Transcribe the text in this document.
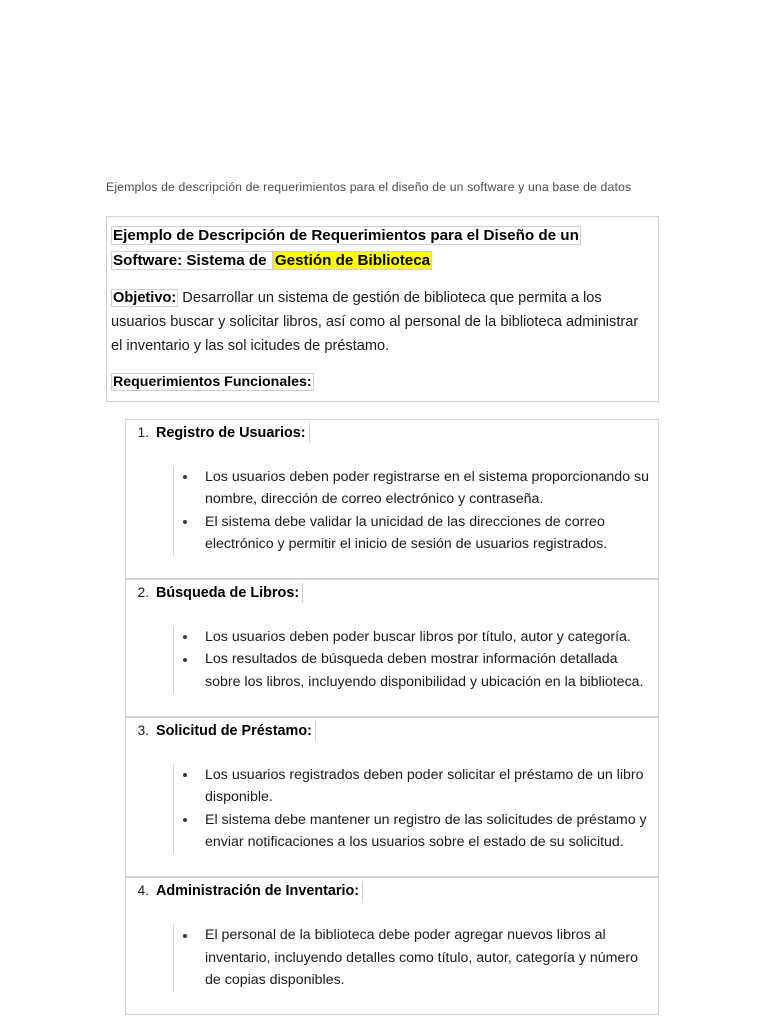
Ejemplos de descripción de requerimientos para el diseño de un software y una base de datos

Ejemplo de Descripción de Requerimientos para el Diseño de un Software: Sistema de Gestión de Biblioteca

Objetivo: Desarrollar un sistema de gestión de biblioteca que permita a los usuarios buscar y solicitar libros, así como al personal de la biblioteca administrar el inventario y las sol icitudes de préstamo.

Requerimientos Funcionales:

1. Registro de Usuarios:
Los usuarios deben poder registrarse en el sistema proporcionando su nombre, dirección de correo electrónico y contraseña.
El sistema debe validar la unicidad de las direcciones de correo electrónico y permitir el inicio de sesión de usuarios registrados.
2. Búsqueda de Libros:
Los usuarios deben poder buscar libros por título, autor y categoría.
Los resultados de búsqueda deben mostrar información detallada sobre los libros, incluyendo disponibilidad y ubicación en la biblioteca.
3. Solicitud de Préstamo:
Los usuarios registrados deben poder solicitar el préstamo de un libro disponible.
El sistema debe mantener un registro de las solicitudes de préstamo y enviar notificaciones a los usuarios sobre el estado de su solicitud.
4. Administración de Inventario:
El personal de la biblioteca debe poder agregar nuevos libros al inventario, incluyendo detalles como título, autor, categoría y número de copias disponibles.
